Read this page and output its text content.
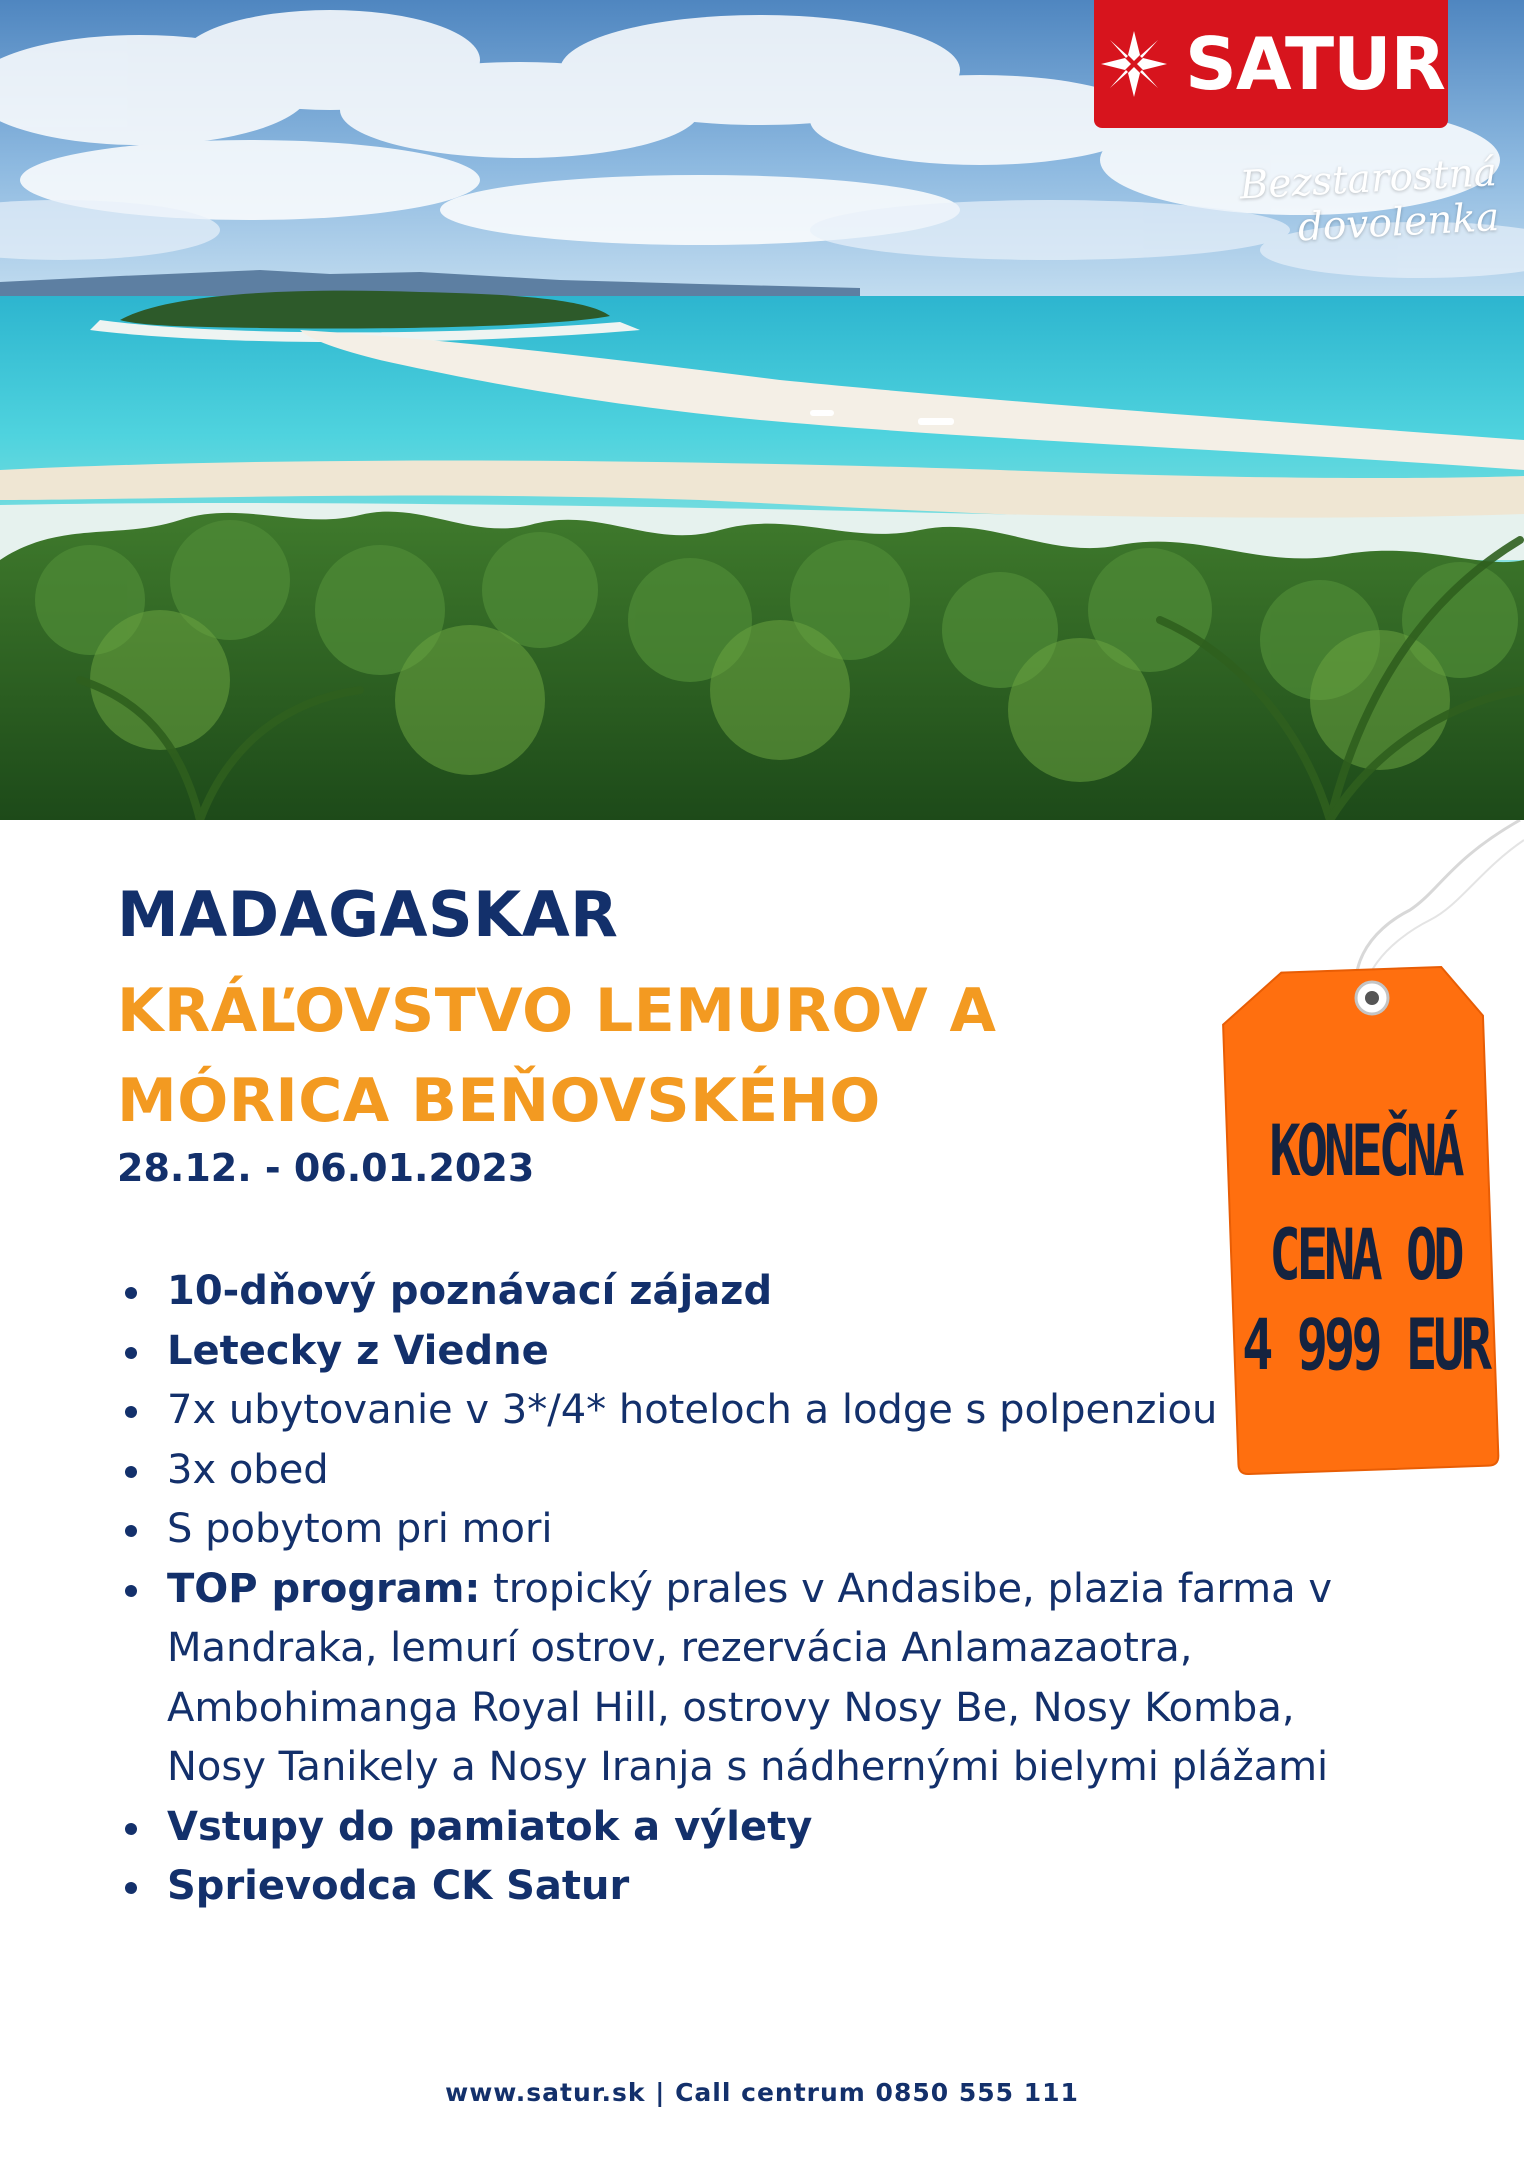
SATUR
Bezstarostná dovolenka
KONEČNÁ
CENA OD
4 999 EUR
MADAGASKAR
KRÁĽOVSTVO LEMUROV A
MÓRICA BEŇOVSKÉHO
28.12. - 06.01.2023
10-dňový poznávací zájazd
Letecky z Viedne
7x ubytovanie v 3*/4* hoteloch a lodge s polpenziou
3x obed
S pobytom pri mori
TOP program: tropický prales v Andasibe, plazia farma v Mandraka, lemurí ostrov, rezervácia Anlamazaotra, Ambohimanga Royal Hill, ostrovy Nosy Be, Nosy Komba, Nosy Tanikely a Nosy Iranja s nádhernými bielymi plážami
Vstupy do pamiatok a výlety
Sprievodca CK Satur
www.satur.sk | Call centrum 0850 555 111
